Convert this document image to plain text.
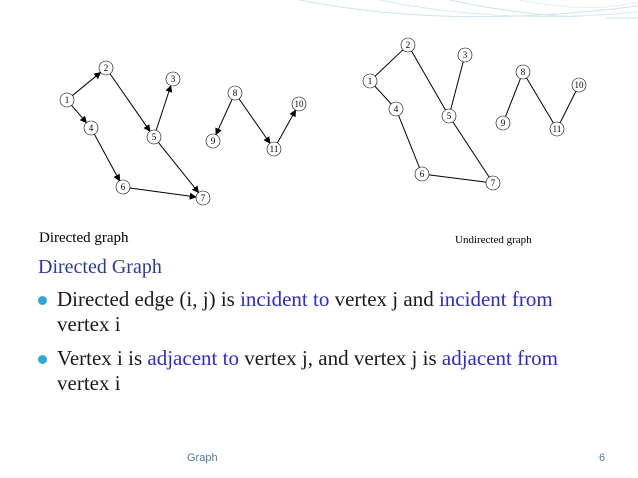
1
2
3
4
5
6
7
8
9
10
11
1
2
3
4
5
6
7
8
9
10
11
Directed graph	Undirected graph
Directed Graph
Directed edge (i, j) is incident to vertex j and incident from vertex i
Vertex i is adjacent to vertex j, and vertex j is adjacent from vertex i
Graph	6
